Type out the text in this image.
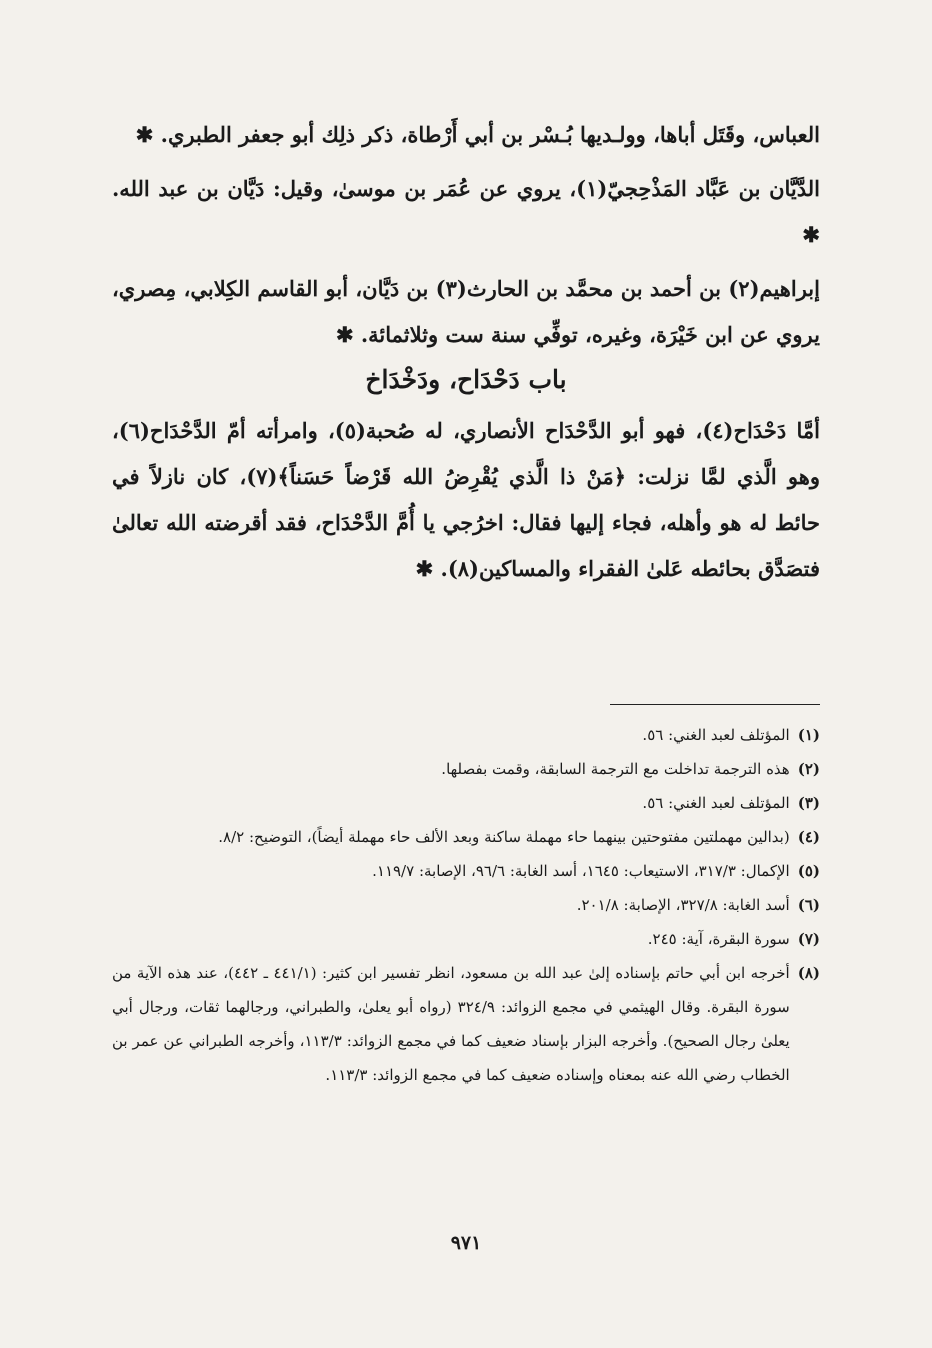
العباس، وقَتَل أباها، وولـديها بُـسْر بن أبي أَرْطاة، ذكر ذلِك أبو جعفر الطبري. ✱

الدَّيَّان بن عَبَّاد المَذْحِجيّ(١)، يروي عن عُمَر بن موسىٰ، وقيل: دَيَّان بن عبد الله. ✱

إبراهيم(٢) بن أحمد بن محمَّد بن الحارث(٣) بن دَيَّان، أبو القاسم الكِلابي، مِصري، يروي عن ابن خَيْرَة، وغيره، توفِّي سنة ست وثلاثمائة. ✱

باب دَحْدَاح، ودَخْدَاخ

أمَّا دَحْدَاح(٤)، فهو أبو الدَّحْدَاح الأنصاري، له صُحبة(٥)، وامرأته أمّ الدَّحْدَاح(٦)، وهو الَّذي لمَّا نزلت: ﴿مَنْ ذا الَّذي يُقْرِضُ الله قَرْضاً حَسَناً﴾(٧)، كان نازلاً في حائط له هو وأهله، فجاء إليها فقال: اخرُجي يا أُمَّ الدَّحْدَاح، فقد أقرضته الله تعالىٰ فتصَدَّق بحائطه عَلىٰ الفقراء والمساكين(٨). ✱

(١)
المؤتلف لعبد الغني: ٥٦.
(٢)
هذه الترجمة تداخلت مع الترجمة السابقة، وقمت بفصلها.
(٣)
المؤتلف لعبد الغني: ٥٦.
(٤)
(بدالين مهملتين مفتوحتين بينهما حاء مهملة ساكنة وبعد الألف حاء مهملة أيضاً)، التوضيح: ٨/٢.
(٥)
الإكمال: ٣١٧/٣، الاستيعاب: ١٦٤٥، أسد الغابة: ٩٦/٦، الإصابة: ١١٩/٧.
(٦)
أسد الغابة: ٣٢٧/٨، الإصابة: ٢٠١/٨.
(٧)
سورة البقرة، آية: ٢٤٥.
(٨)
أخرجه ابن أبي حاتم بإسناده إلىٰ عبد الله بن مسعود، انظر تفسير ابن كثير: (٤٤١/١ ـ ٤٤٢)، عند هذه الآية من سورة البقرة. وقال الهيثمي في مجمع الزوائد: ٣٢٤/٩ (رواه أبو يعلىٰ، والطبراني، ورجالهما ثقات، ورجال أبي يعلىٰ رجال الصحيح). وأخرجه البزار بإسناد ضعيف كما في مجمع الزوائد: ١١٣/٣، وأخرجه الطبراني عن عمر بن الخطاب رضي الله عنه بمعناه وإسناده ضعيف كما في مجمع الزوائد: ١١٣/٣.
٩٧١
